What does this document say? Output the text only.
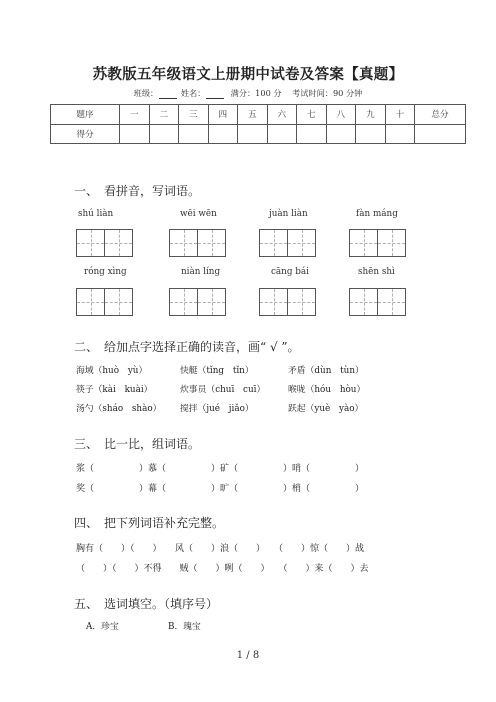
苏教版五年级语文上册期中试卷及答案【真题】
班级：	姓名：	满分：100 分 考试时间：90 分钟
题序	一	二	三	四	五	六	七	八	九	十	总分
得分											
一、　看拼音，写词语。
shú liàn	wēi wēn	juàn liàn	fàn máng
róng xìng	niàn líng	cāng bái	shēn shì
二、　给加点字选择正确的读音，画“ √ ”。
海域（huò　yù）	快艇（tǐng　tǐn）	矛盾（dùn　tùn）
筷子（kài　kuài）	炊事员（chuī　cuī）	喉咙（hóu　hòu）
汤勺（sháo　shào） 搅拌（jué　jiǎo）	跃起（yuè　yào）
三、　比一比，组词语。
浆（　　　　　）慕（　　　　　）矿（　　　　　）哨（　　　　　）
奖（　　　　　）幕（　　　　　）旷（　　　　　）梢（　　　　　）
四、　把下列词语补充完整。
胸有（　　）（　　）　　风（　　）浪（　　）　　（　　）惊（　　）战
（　　）（　　）不得　　贼（　　）咧（　　）　　（　　）来（　　）去
五、　选词填空。（填序号）
A．珍宝	B．瑰宝
1 / 8
